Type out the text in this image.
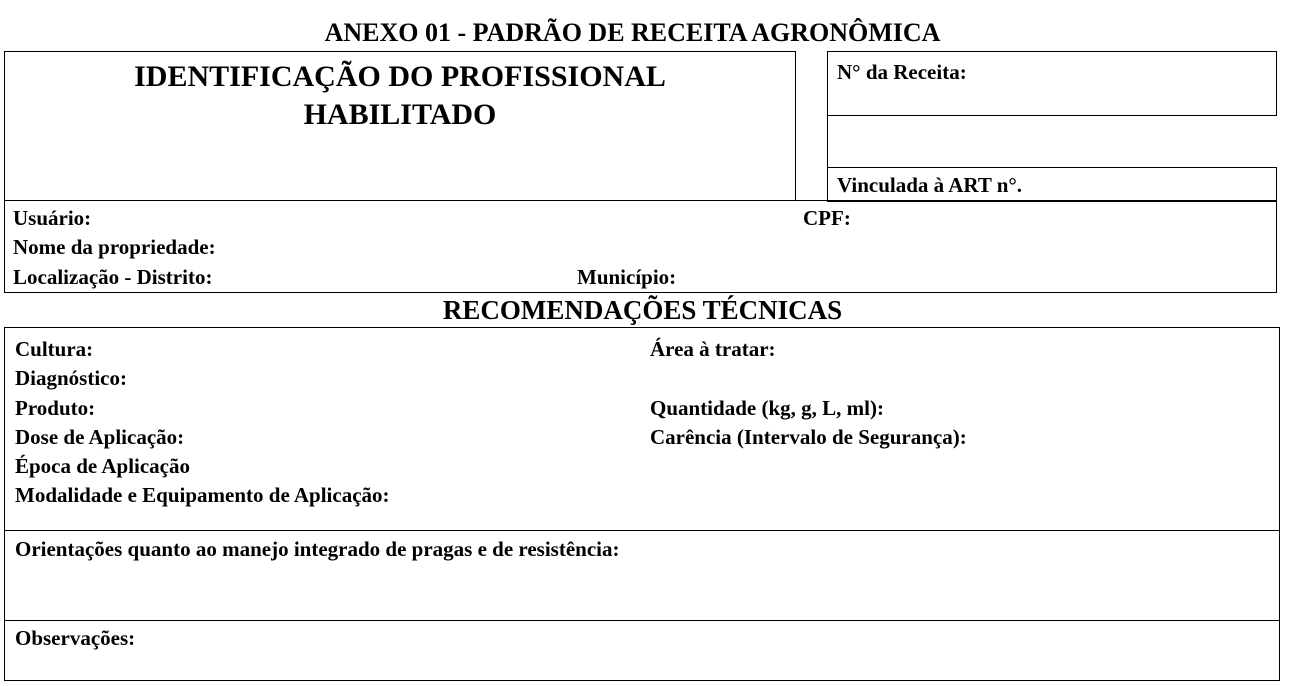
ANEXO 01 - PADRÃO DE RECEITA AGRONÔMICA
IDENTIFICAÇÃO DO PROFISSIONAL
HABILITADO
N° da Receita:
Vinculada à ART n°.
Usuário:	CPF:
Nome da propriedade:
Localização - Distrito:	Município:
RECOMENDAÇÕES TÉCNICAS
Cultura:	Área à tratar:
Diagnóstico:
Produto:	Quantidade (kg, g, L, ml):
Dose de Aplicação:	Carência (Intervalo de Segurança):
Época de Aplicação
Modalidade e Equipamento de Aplicação:
Orientações quanto ao manejo integrado de pragas e de resistência:
Observações:
